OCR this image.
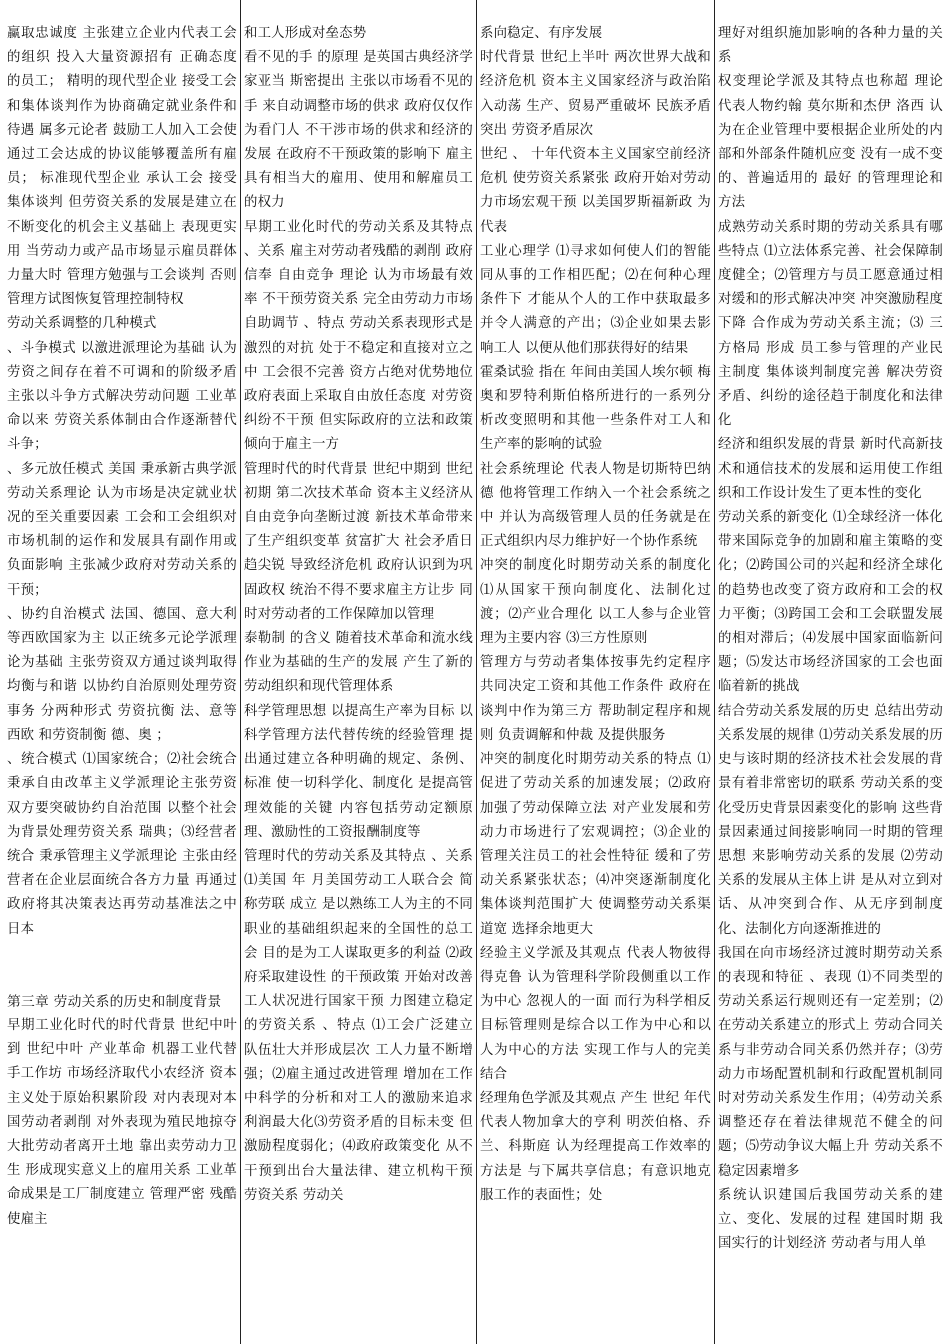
赢取忠诚度 主张建立企业内代表工会的组织 投入大量资源招有 正确态度 的员工； 精明的现代型企业 接受工会和集体谈判作为协商确定就业条件和待遇 属多元论者 鼓励工人加入工会使通过工会达成的协议能够覆盖所有雇员； 标准现代型企业 承认工会 接受集体谈判 但劳资关系的发展是建立在不断变化的机会主义基础上 表现更实用 当劳动力或产品市场显示雇员群体力量大时 管理方勉强与工会谈判 否则管理方试图恢复管理控制特权

劳动关系调整的几种模式

、斗争模式 以激进派理论为基础 认为劳资之间存在着不可调和的阶级矛盾 主张以斗争方式解决劳动问题 工业革命以来 劳资关系体制由合作逐渐替代斗争；

、多元放任模式 美国 秉承新古典学派劳动关系理论 认为市场是决定就业状况的至关重要因素 工会和工会组织对市场机制的运作和发展具有副作用或负面影响 主张减少政府对劳动关系的干预；

、协约自治模式 法国、德国、意大利等西欧国家为主 以正统多元论学派理论为基础 主张劳资双方通过谈判取得均衡与和谐 以协约自治原则处理劳资事务 分两种形式 劳资抗衡 法、意等西欧 和劳资制衡 德、奥 ；

、统合模式 ⑴国家统合；⑵社会统合 秉承自由改革主义学派理论主张劳资双方要突破协约自治范围 以整个社会为背景处理劳资关系 瑞典；⑶经营者统合 秉承管理主义学派理论 主张由经营者在企业层面统合各方力量 再通过政府将其决策表达再劳动基准法之中 日本

第三章 劳动关系的历史和制度背景

早期工业化时代的时代背景 世纪中叶到 世纪中叶 产业革命 机器工业代替手工作坊 市场经济取代小农经济 资本主义处于原始积累阶段 对内表现对本国劳动者剥削 对外表现为殖民地掠夺 大批劳动者离开土地 靠出卖劳动力卫生 形成现实意义上的雇用关系 工业革命成果是工厂制度建立 管理严密 残酷 使雇主

和工人形成对垒态势

看不见的手 的原理 是英国古典经济学家亚当 斯密提出 主张以市场看不见的手 来自动调整市场的供求 政府仅仅作为看门人 不干涉市场的供求和经济的发展 在政府不干预政策的影响下 雇主具有相当大的雇用、使用和解雇员工的权力

早期工业化时代的劳动关系及其特点 、关系 雇主对劳动者残酷的剥削 政府信奉 自由竞争 理论 认为市场最有效率 不干预劳资关系 完全由劳动力市场自助调节 、特点 劳动关系表现形式是激烈的对抗 处于不稳定和直接对立之中 工会很不完善 资方占绝对优势地位 政府表面上采取自由放任态度 对劳资纠纷不干预 但实际政府的立法和政策倾向于雇主一方

管理时代的时代背景 世纪中期到 世纪初期 第二次技术革命 资本主义经济从自由竞争向垄断过渡 新技术革命带来了生产组织变革 贫富扩大 社会矛盾日趋尖锐 导致经济危机 政府认识到为巩固政权 统治不得不要求雇主方让步 同时对劳动者的工作保障加以管理

泰勒制 的含义 随着技术革命和流水线作业为基础的生产的发展 产生了新的劳动组织和现代管理体系

科学管理思想 以提高生产率为目标 以科学管理方法代替传统的经验管理 提出通过建立各种明确的规定、条例、标准 使一切科学化、制度化 是提高管理效能的关键 内容包括劳动定额原理、激励性的工资报酬制度等

管理时代的劳动关系及其特点 、关系 ⑴美国 年 月美国劳动工人联合会 简称劳联 成立 是以熟练工人为主的不同职业的基础组织起来的全国性的总工会 目的是为工人谋取更多的利益 ⑵政府采取建设性 的干预政策 开始对改善工人状况进行国家干预 力图建立稳定的劳资关系 、特点 ⑴工会广泛建立 队伍壮大并形成层次 工人力量不断增强；⑵雇主通过改进管理 增加在工作中科学的分析和对工人的激励来追求利润最大化⑶劳资矛盾的目标未变 但激励程度弱化；⑷政府政策变化 从不干预到出台大量法律、建立机构干预劳资关系 劳动关

系向稳定、有序发展

时代背景 世纪上半叶 两次世界大战和经济危机 资本主义国家经济与政治陷入动荡 生产、贸易严重破坏 民族矛盾突出 劳资矛盾尿次

世纪 、 十年代资本主义国家空前经济危机 使劳资关系紧张 政府开始对劳动力市场宏观干预 以美国罗斯福新政 为代表

工业心理学 ⑴寻求如何使人们的智能同从事的工作相匹配；⑵在何种心理条件下 才能从个人的工作中获取最多并令人满意的产出；⑶企业如果去影响工人 以便从他们那获得好的结果

霍桑试验 指在 年间由美国人埃尔顿 梅奥和罗特利斯伯格所进行的一系列分析改变照明和其他一些条件对工人和生产率的影响的试验

社会系统理论 代表人物是切斯特巴纳德 他将管理工作纳入一个社会系统之中 并认为高级管理人员的任务就是在正式组织内尽力维护好一个协作系统

冲突的制度化时期劳动关系的制度化 ⑴从国家干预向制度化、法制化过渡；⑵产业合理化 以工人参与企业管理为主要内容 ⑶三方性原则

管理方与劳动者集体按事先约定程序共同决定工资和其他工作条件 政府在谈判中作为第三方 帮助制定程序和规则 负责调解和仲裁 及提供服务

冲突的制度化时期劳动关系的特点 ⑴促进了劳动关系的加速发展；⑵政府加强了劳动保障立法 对产业发展和劳动力市场进行了宏观调控；⑶企业的管理关注员工的社会性特征 缓和了劳动关系紧张状态；⑷冲突逐渐制度化 集体谈判范围扩大 使调整劳动关系渠道宽 选择余地更大

经验主义学派及其观点 代表人物彼得 得克鲁 认为管理科学阶段侧重以工作为中心 忽视人的一面 而行为科学相反 目标管理则是综合以工作为中心和以人为中心的方法 实现工作与人的完美结合

经理角色学派及其观点 产生 世纪 年代 代表人物加拿大的亨利 明茨伯格、乔兰、科斯庭 认为经理提高工作效率的方法是 与下属共享信息；有意识地克服工作的表面性；处

理好对组织施加影响的各种力量的关系

权变理论学派及其特点也称超 理论 代表人物约翰 莫尔斯和杰伊 洛西 认为在企业管理中要根据企业所处的内部和外部条件随机应变 没有一成不变的、普遍适用的 最好 的管理理论和方法

成熟劳动关系时期的劳动关系具有哪些特点 ⑴立法体系完善、社会保障制度健全；⑵管理方与员工愿意通过相对缓和的形式解决冲突 冲突激励程度下降 合作成为劳动关系主流；⑶ 三方格局 形成 员工参与管理的产业民主制度 集体谈判制度完善 解决劳资矛盾、纠纷的途径趋于制度化和法律化

经济和组织发展的背景 新时代高新技术和通信技术的发展和运用使工作组织和工作设计发生了更本性的变化

劳动关系的新变化 ⑴全球经济一体化带来国际竞争的加剧和雇主策略的变化；⑵跨国公司的兴起和经济全球化的趋势也改变了资方政府和工会的权力平衡；⑶跨国工会和工会联盟发展的相对滞后；⑷发展中国家面临新问题；⑸发达市场经济国家的工会也面临着新的挑战

结合劳动关系发展的历史 总结出劳动关系发展的规律 ⑴劳动关系发展的历史与该时期的经济技术社会发展的背景有着非常密切的联系 劳动关系的变化受历史背景因素变化的影响 这些背景因素通过间接影响同一时期的管理思想 来影响劳动关系的发展 ⑵劳动关系的发展从主体上讲 是从对立到对话、从冲突到合作、从无序到制度化、法制化方向逐渐推进的

我国在向市场经济过渡时期劳动关系的表现和特征 、表现 ⑴不同类型的劳动关系运行规则还有一定差别；⑵在劳动关系建立的形式上 劳动合同关系与非劳动合同关系仍然并存；⑶劳动力市场配置机制和行政配置机制同时对劳动关系发生作用；⑷劳动关系调整还存在着法律规范不健全的问题；⑸劳动争议大幅上升 劳动关系不稳定因素增多

系统认识建国后我国劳动关系的建立、变化、发展的过程 建国时期 我国实行的计划经济 劳动者与用人单
